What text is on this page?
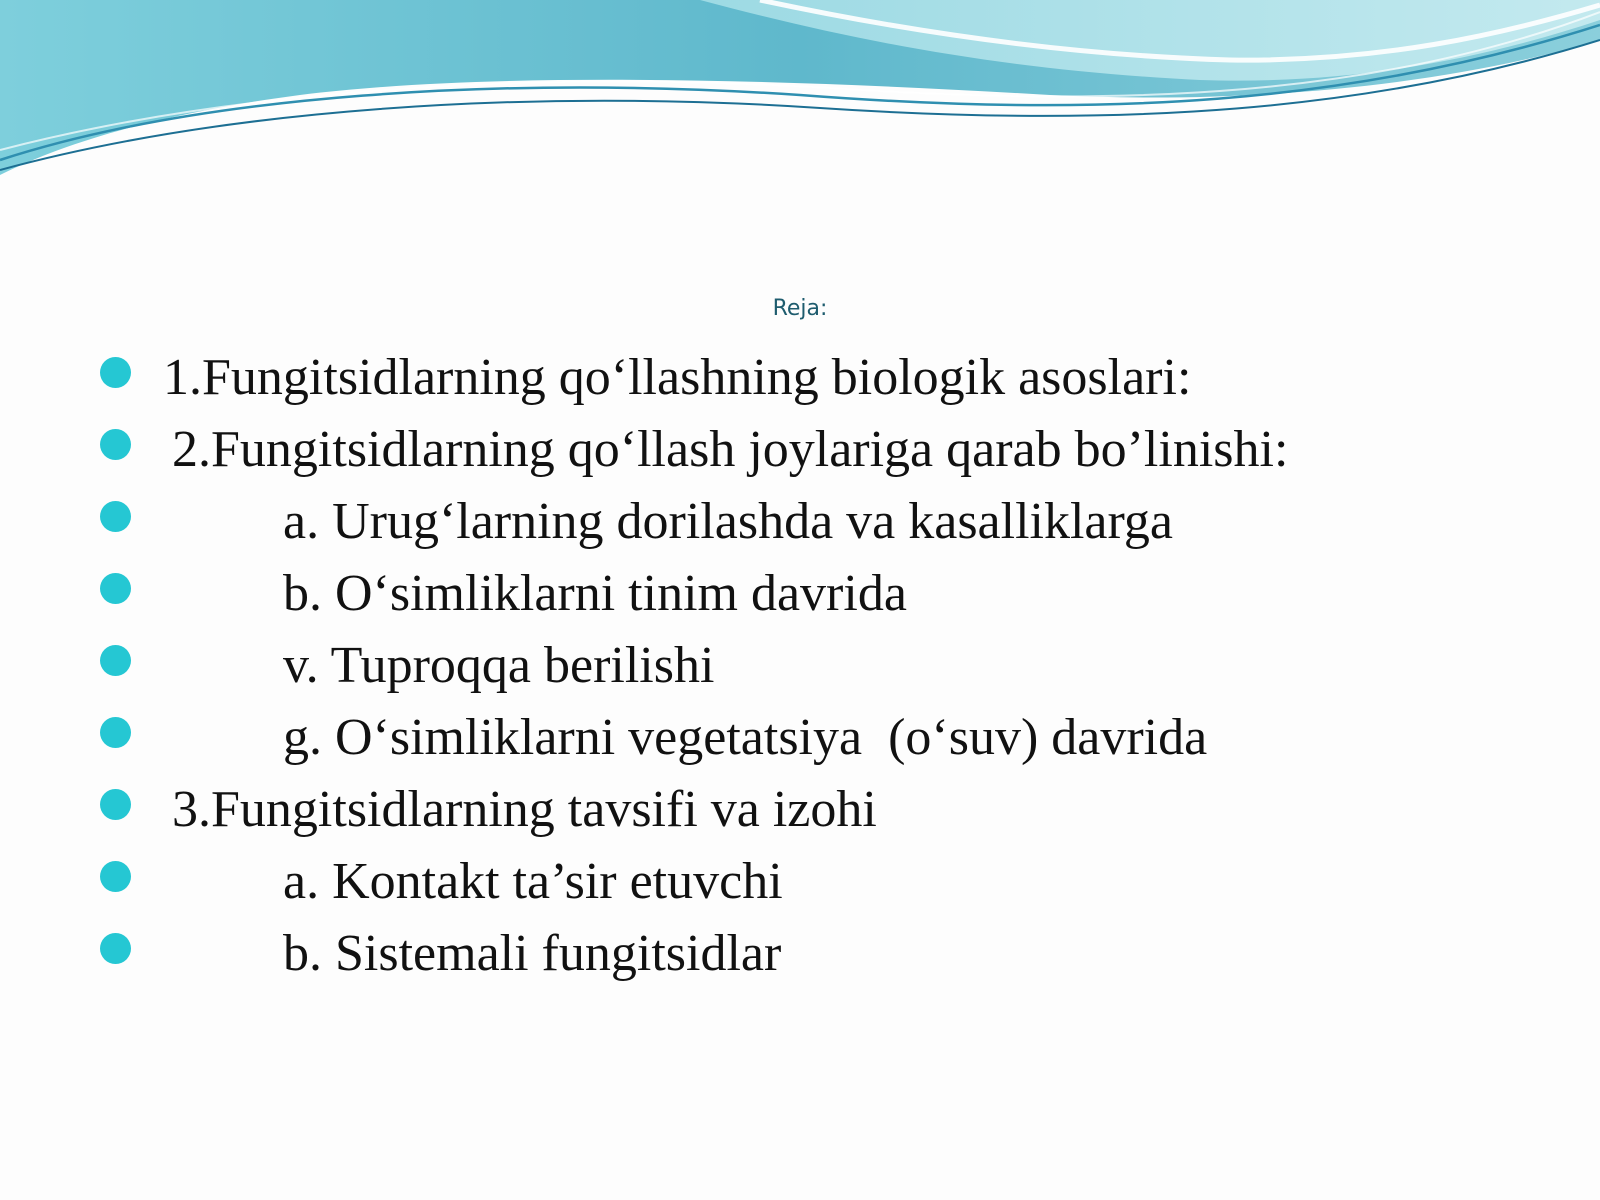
Reja:
1.Fungitsidlarning qo‘llashning biologik asoslari:
2.Fungitsidlarning qo‘llash joylariga qarab bo’linishi:
a. Urug‘larning dorilashda va kasalliklarga
b. O‘simliklarni tinim davrida
v. Tuproqqa berilishi
g. O‘simliklarni vegetatsiya  (o‘suv) davrida
3.Fungitsidlarning tavsifi va izohi
a. Kontakt ta’sir etuvchi
b. Sistemali fungitsidlar
